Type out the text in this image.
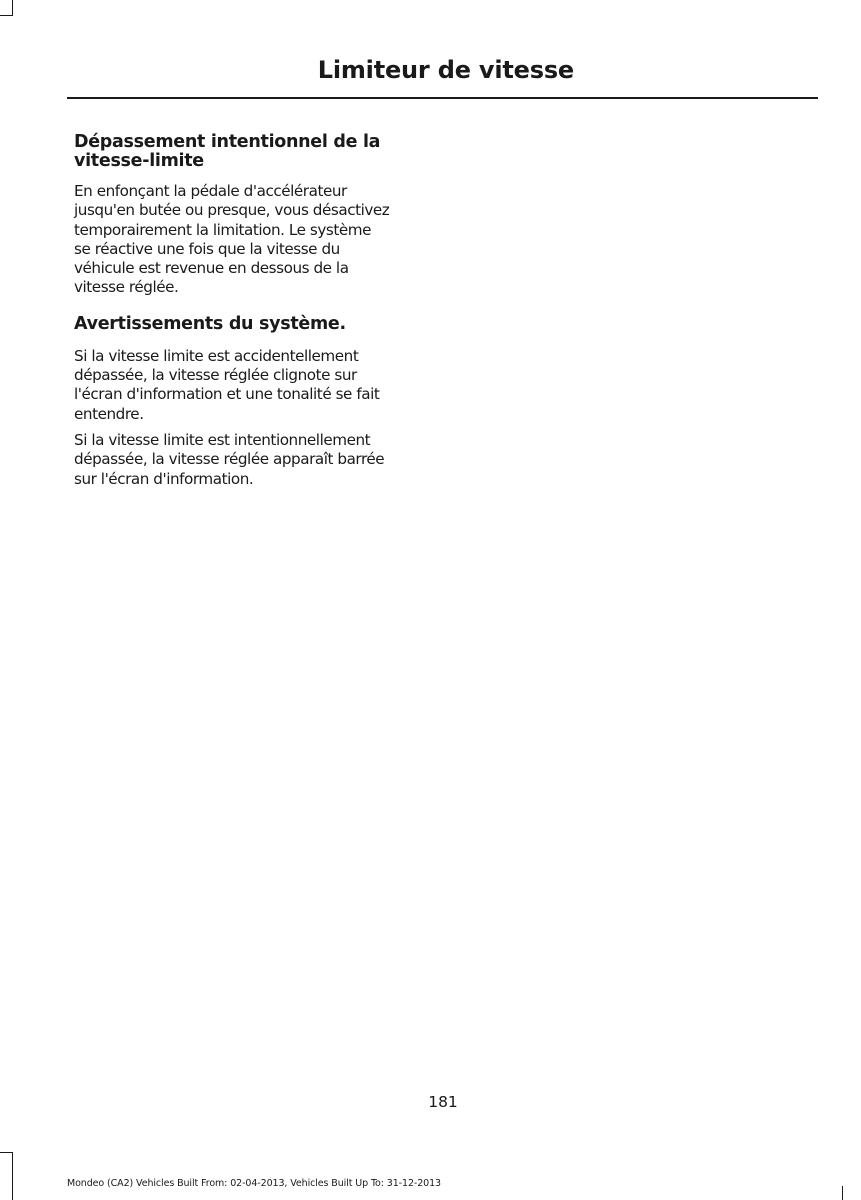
Limiteur de vitesse
Dépassement intentionnel de la
vitesse-limite

En enfonçant la pédale d'accélérateur
jusqu'en butée ou presque, vous désactivez
temporairement la limitation. Le système
se réactive une fois que la vitesse du
véhicule est revenue en dessous de la
vitesse réglée.

Avertissements du système.

Si la vitesse limite est accidentellement
dépassée, la vitesse réglée clignote sur
l'écran d'information et une tonalité se fait
entendre.

Si la vitesse limite est intentionnellement
dépassée, la vitesse réglée apparaît barrée
sur l'écran d'information.

181
Mondeo (CA2) Vehicles Built From: 02-04-2013, Vehicles Built Up To: 31-12-2013
